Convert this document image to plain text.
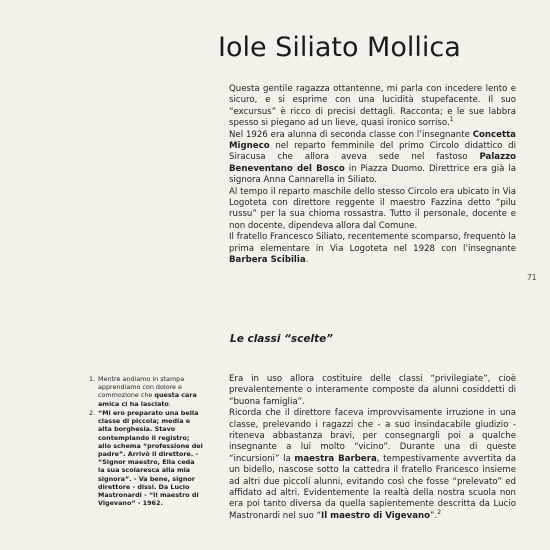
Iole Siliato Mollica

Questa gentile ragazza ottantenne, mi parla con incedere lento e sicuro, e si esprime con una lucidità stupefacente. Il suo “excursus” è ricco di precisi dettagli. Racconta; e le sue labbra spesso si piegano ad un lieve, quasi ironico sorriso.$^1$

Nel 1926 era alunna di seconda classe con l’insegnante Concetta Migneco nel reparto femminile del primo Circolo didattico di Siracusa che allora aveva sede nel fastoso Palazzo Beneventano del Bosco in Piazza Duomo. Direttrice era già la signora Anna Cannarella in Siliato.

Al tempo il reparto maschile dello stesso Circolo era ubicato in Via Logoteta con direttore reggente il maestro Fazzina detto “pilu russu” per la sua chioma rossastra. Tutto il personale, docente e non docente, dipendeva allora dal Comune.

Il fratello Francesco Siliato, recentemente scomparso, frequentò la prima elementare in Via Logoteta nel 1928 con l’insegnante Barbera Scibilia.

71
Le classi “scelte”

Era in uso allora costituire delle classi “privilegiate”, cioè prevalentemente o interamente composte da alunni cosiddetti di “buona famiglia”.

Ricorda che il direttore faceva improvvisamente irruzione in una classe, prelevando i ragazzi che - a suo insindacabile giudizio - riteneva abbastanza bravi, per consegnargli poi a qualche insegnante a lui molto “vicino”. Durante una di queste “incursioni” la maestra Barbera, tempestivamente avvertita da un bidello, nascose sotto la cattedra il fratello Francesco insieme ad altri due piccoli alunni, evitando così che fosse “prelevato” ed affidato ad altri. Evidentemente la realtà della nostra scuola non era poi tanto diversa da quella sapientemente descritta da Lucio Mastronardi nel suo “Il maestro di Vigevano”.$^2$

1. Mentre andiamo in stampa apprendiamo con dolore e commozione che questa cara amica ci ha lasciato.
2. “Mi ero preparato una bella classe di piccola; media e alta borghesia. Stavo contemplando il registro; allo schema “professione del padre”. Arrivò il direttore. - “Signor maestro, Ella ceda la sua scolaresca alla mia signora”. - Va bene, signor direttore - dissi. Da Lucio Mastronardi - “Il maestro di Vigevano” - 1962.
